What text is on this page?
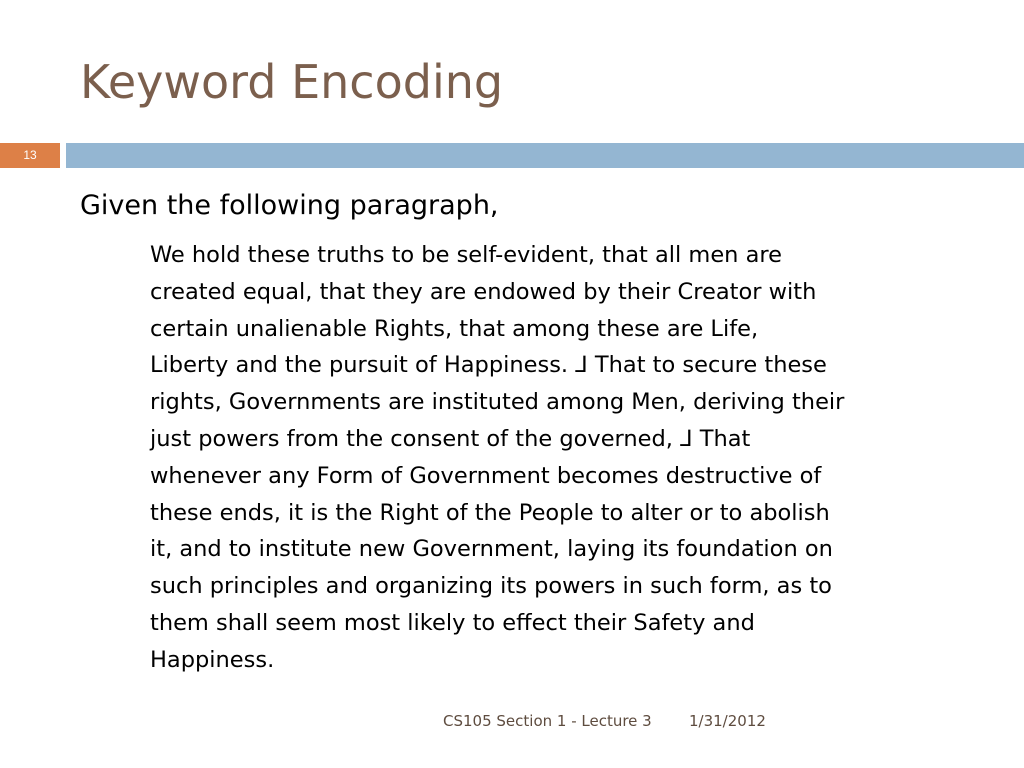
Keyword Encoding
13
Given the following paragraph,
We hold these truths to be self-evident, that all men are
created equal, that they are endowed by their Creator with
certain unalienable Rights, that among these are Life,
Liberty and the pursuit of Happiness. ⅃ That to secure these
rights, Governments are instituted among Men, deriving their
just powers from the consent of the governed, ⅃ That
whenever any Form of Government becomes destructive of
these ends, it is the Right of the People to alter or to abolish
it, and to institute new Government, laying its foundation on
such principles and organizing its powers in such form, as to
them shall seem most likely to effect their Safety and
Happiness.
CS105 Section 1 - Lecture 3 1/31/2012
